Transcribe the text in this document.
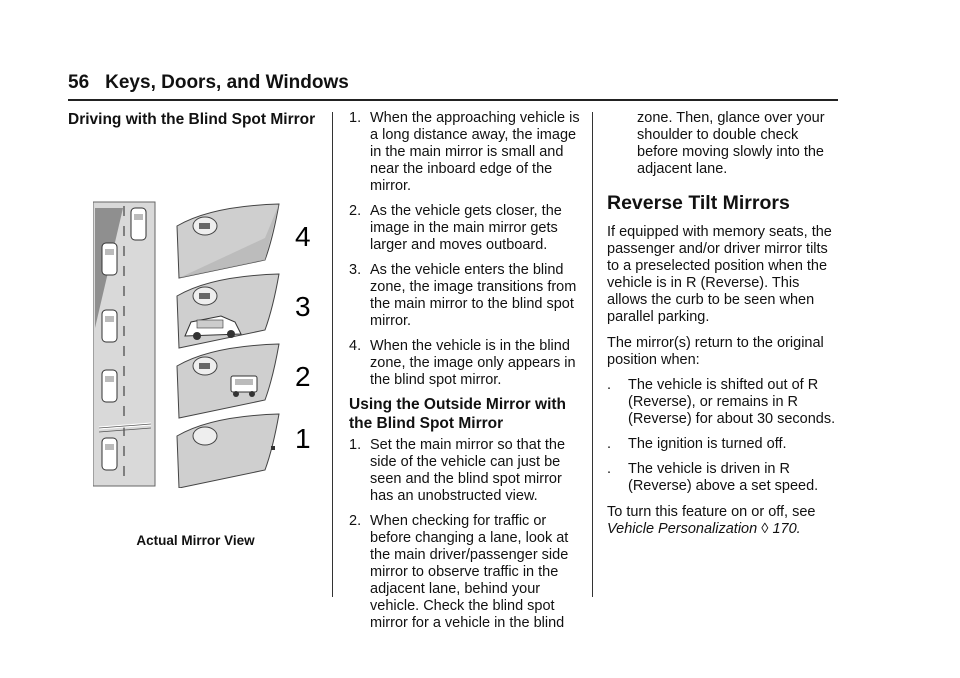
56 Keys, Doors, and Windows
Driving with the Blind Spot Mirror
4
3
2
1
Actual Mirror View
1. When the approaching vehicle is a long distance away, the image in the main mirror is small and near the inboard edge of the mirror.
2. As the vehicle gets closer, the image in the main mirror gets larger and moves outboard.
3. As the vehicle enters the blind zone, the image transitions from the main mirror to the blind spot mirror.
4. When the vehicle is in the blind zone, the image only appears in the blind spot mirror.
Using the Outside Mirror with the Blind Spot Mirror
1. Set the main mirror so that the side of the vehicle can just be seen and the blind spot mirror has an unobstructed view.
2. When checking for traffic or before changing a lane, look at the main driver/passenger side mirror to observe traffic in the adjacent lane, behind your vehicle. Check the blind spot mirror for a vehicle in the blind

zone. Then, glance over your shoulder to double check before moving slowly into the adjacent lane.

Reverse Tilt Mirrors

If equipped with memory seats, the passenger and/or driver mirror tilts to a preselected position when the vehicle is in R (Reverse). This allows the curb to be seen when parallel parking.

The mirror(s) return to the original position when:

.	The vehicle is shifted out of R (Reverse), or remains in R (Reverse) for about 30 seconds.
.	The ignition is turned off.
.	The vehicle is driven in R (Reverse) above a set speed.

To turn this feature on or off, see
Vehicle Personalization ◊ 170.
